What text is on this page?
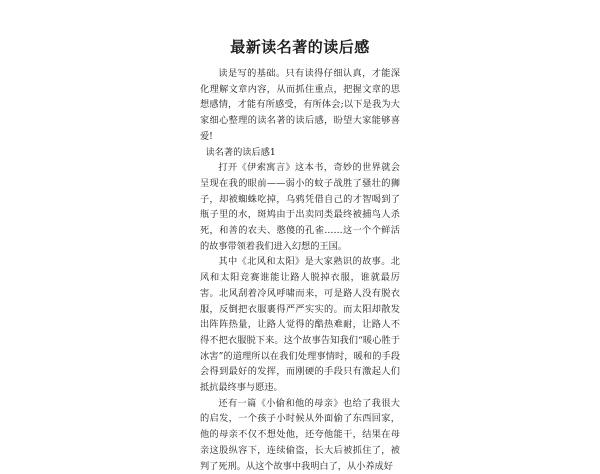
最新读名著的读后感

读是写的基础。只有读得仔细认真，才能深化理解文章内容，从而抓住重点，把握文章的思想感情，才能有所感受，有所体会;以下是我为大家细心整理的读名著的读后感，盼望大家能够喜爱!

读名著的读后感1

打开《伊索寓言》这本书，奇妙的世界就会呈现在我的眼前——弱小的蚊子战胜了骚壮的狮子，却被蜘蛛吃掉，乌鸦凭借自己的才智喝到了瓶子里的水，斑鸠由于出卖同类最终被捕鸟人杀死，和善的农夫、憨傻的孔雀……这一个个鲜活的故事带领着我们进入幻想的王国。

其中《北风和太阳》是大家熟识的故事。北风和太阳竞赛谁能让路人脱掉衣服，谁就最厉害。北风刮着冷风呼啸而来，可是路人没有脱衣服，反倒把衣服裹得严严实实的。而太阳却散发出阵阵热量，让路人觉得的酷热难耐，让路人不得不把衣服脱下来。这个故事告知我们“暖心胜于冰害”的道理所以在我们处理事情时，暖和的手段会得到最好的发挥，而刚硬的手段只有激起人们抵抗最终事与愿违。

还有一篇《小偷和他的母亲》也给了我很大的启发，一个孩子小时候从外面偷了东西回家，他的母亲不仅不想处他，还夸他能干，结果在母亲这股纵容下，连续偷盗，长大后被抓住了，被判了死刑。从这个故事中我明白了，从小养成好
